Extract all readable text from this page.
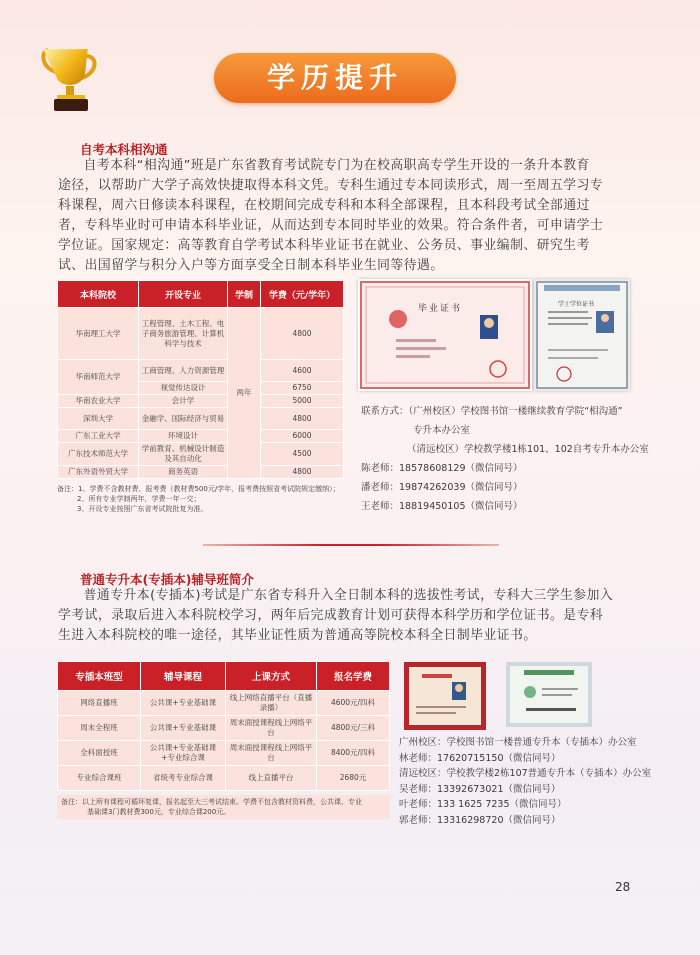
学历提升
自考本科相沟通

自考本科“相沟通”班是广东省教育考试院专门为在校高职高专学生开设的一条升本教育

途径，以帮助广大学子高效快捷取得本科文凭。专科生通过专本同读形式，周一至周五学习专

科课程，周六日修读本科课程，在校期间完成专科和本科全部课程，且本科段考试全部通过

者，专科毕业时可申请本科毕业证，从而达到专本同时毕业的效果。符合条件者，可申请学士

学位证。国家规定：高等教育自学考试本科毕业证书在就业、公务员、事业编制、研究生考

试、出国留学与积分入户等方面享受全日制本科毕业生同等待遇。

本科院校	开设专业	学制	学费（元/学年）
华南理工大学	工程管理、土木工程、电子商务旅游管理、计算机科学与技术	两年	4800
华南师范大学	工商管理、人力资源管理		4600
	视觉传达设计		6750
华南农业大学	会计学		5000
深圳大学	金融学、国际经济与贸易		4800
广东工业大学	环境设计		6000
广东技术师范大学	学前教育、机械设计制造及其自动化		4500
广东外语外贸大学	商务英语		4800
备注：1、学费不含教材费、报考费（教材费500元/学年，报考费按照省考试院规定缴纳）；
2、所有专业学制两年，学费一年一交；
3、开设专业按照广东省考试院批复为准。
毕业证书	学士学位证书
联系方式：（广州校区）学校图书馆一楼继续教育学院“相沟通”
专升本办公室
（清远校区）学校教学楼1栋101、102自考专升本办公室
陈老师：18578608129（微信同号）
潘老师：19874262039（微信同号）
王老师：18819450105（微信同号）
普通专升本(专插本)辅导班简介

普通专升本(专插本)考试是广东省专科升入全日制本科的选拔性考试，专科大三学生参加入

学考试，录取后进入本科院校学习，两年后完成教育计划可获得本科学历和学位证书。是专科

生进入本科院校的唯一途径，其毕业证性质为普通高等院校本科全日制毕业证书。

专插本班型	辅导课程	上课方式	报名学费
网络直播班	公共课+专业基础课	线上网络直播平台（直播 录播）	4600元/四科
周末全程班	公共课+专业基础课	周末面授课程线上网络平台	4800元/三科
全科面授班	公共课+专业基础课+专业综合课	周末面授课程线上网络平台	8400元/四科
专业综合课班	省统考专业综合课	线上直播平台	2680元
备注：以上所有课程可循环复课，报名起至大三考试结束。学费不包含教材资料费，公共课、专业
基础课3门教材费300元，专业综合课200元。
广州校区：学校图书馆一楼普通专升本（专插本）办公室
林老师：17620715150（微信同号）
清远校区：学校教学楼2栋107普通专升本（专插本）办公室
吴老师：13392673021（微信同号）
叶老师：133 1625 7235（微信同号）
郭老师：13316298720（微信同号）
28
